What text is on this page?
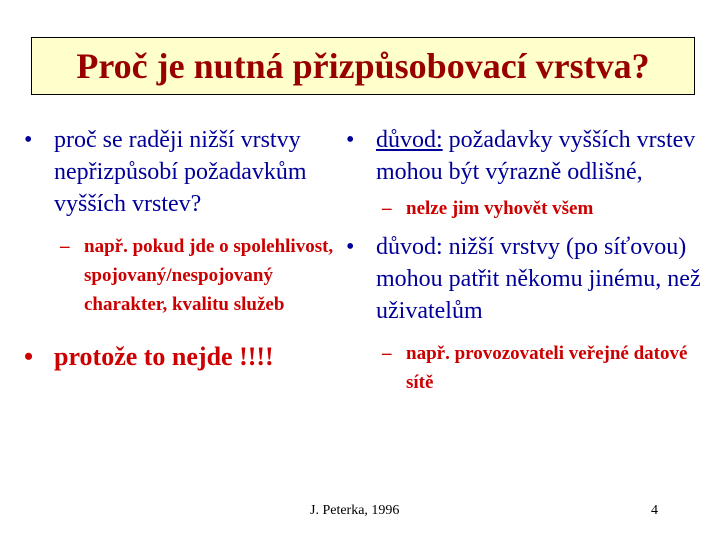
Proč je nutná přizpůsobovací vrstva?
• proč se raději nižší vrstvy nepřizpůsobí požadavkům vyšších vrstev?
– např. pokud jde o spolehlivost, spojovaný/nespojovaný charakter, kvalitu služeb
• protože to nejde !!!!
• důvod: požadavky vyšších vrstev mohou být výrazně odlišné,
– nelze jim vyhovět všem
• důvod: nižší vrstvy (po síťovou) mohou patřit někomu jinému, než uživatelům
– např. provozovateli veřejné datové sítě
J. Peterka, 1996	4
